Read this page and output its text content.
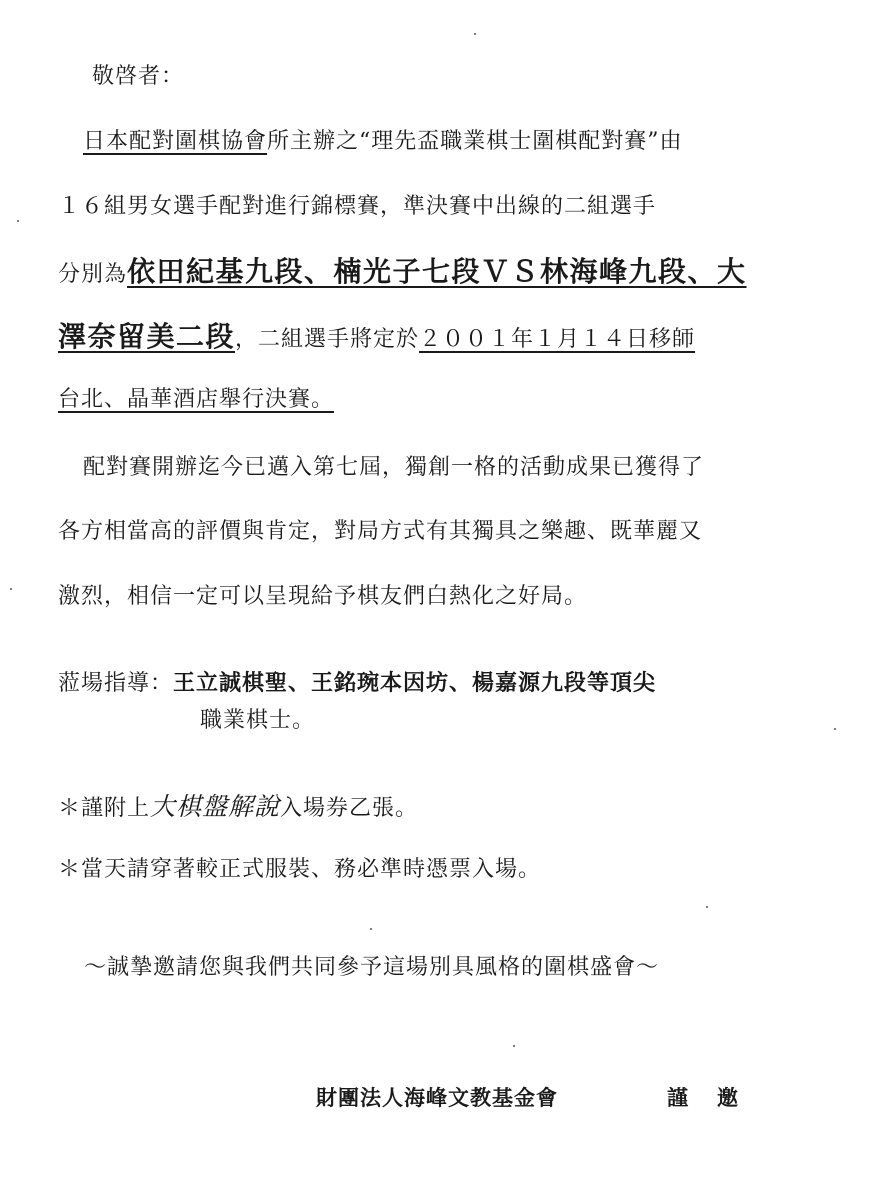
敬啓者：
日本配對圍棋協會所主辦之“理先盃職業棋士圍棋配對賽”由
１６組男女選手配對進行錦標賽，準決賽中出線的二組選手
分別為依田紀基九段、楠光子七段ＶＳ林海峰九段、大
澤奈留美二段，二組選手將定於２００１年１月１４日移師
台北、晶華酒店舉行決賽。
配對賽開辦迄今已邁入第七屆，獨創一格的活動成果已獲得了
各方相當高的評價與肯定，對局方式有其獨具之樂趣、既華麗又
激烈，相信一定可以呈現給予棋友們白熱化之好局。
蒞場指導：王立誠棋聖、王銘琬本因坊、楊嘉源九段等頂尖
職業棋士。
＊謹附上大棋盤解說入場券乙張。
＊當天請穿著較正式服裝、務必準時憑票入場。
～誠摯邀請您與我們共同參予這場別具風格的圍棋盛會～
財團法人海峰文教基金會	謹　邀
